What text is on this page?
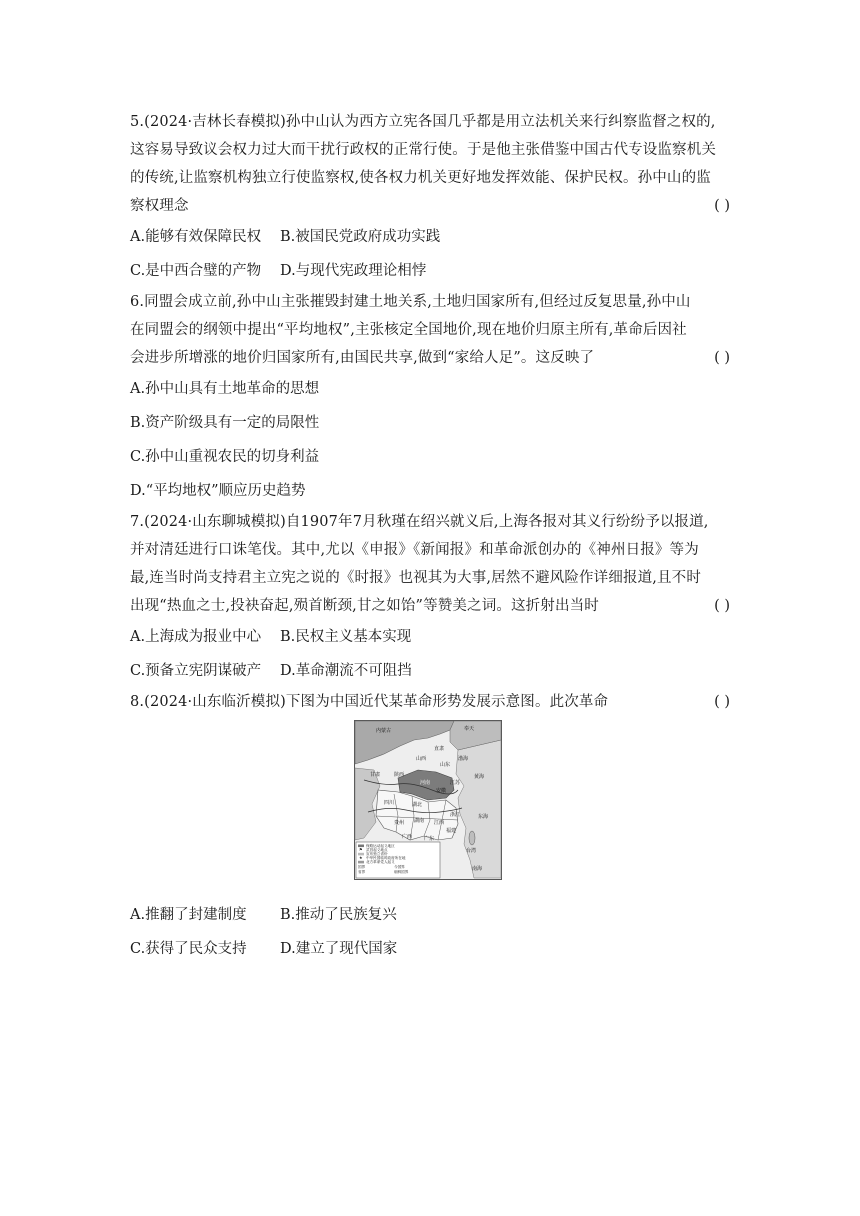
5.(2024·吉林长春模拟)孙中山认为西方立宪各国几乎都是用立法机关来行纠察监督之权的,
这容易导致议会权力过大而干扰行政权的正常行使。于是他主张借鉴中国古代专设监察机关
的传统,让监察机构独立行使监察权,使各权力机关更好地发挥效能、保护民权。孙中山的监
察权理念	( )
A.能够有效保障民权 B.被国民党政府成功实践
C.是中西合璧的产物 D.与现代宪政理论相悖
6.同盟会成立前,孙中山主张摧毁封建土地关系,土地归国家所有,但经过反复思量,孙中山
在同盟会的纲领中提出“平均地权”,主张核定全国地价,现在地价归原主所有,革命后因社
会进步所增涨的地价归国家所有,由国民共享,做到“家给人足”。这反映了	( )
A.孙中山具有土地革命的思想
B.资产阶级具有一定的局限性
C.孙中山重视农民的切身利益
D.“平均地权”顺应历史趋势
7.(2024·山东聊城模拟)自1907年7月秋瑾在绍兴就义后,上海各报对其义行纷纷予以报道,
并对清廷进行口诛笔伐。其中,尤以《申报》《新闻报》和革命派创办的《神州日报》等为
最,连当时尚支持君主立宪之说的《时报》也视其为大事,居然不避风险作详细报道,且不时
出现“热血之士,投袂奋起,殒首断颈,甘之如饴”等赞美之词。这折射出当时	( )
A.上海成为报业中心 B.民权主义基本实现
C.预备立宪阴谋破产 D.革命潮流不可阻挡
8.(2024·山东临沂模拟)下图为中国近代某革命形势发展示意图。此次革命	( )
保路运动起义地区
⚑ 武昌起义地点
宣布独立省份
★ 中华民国临时政府所在地
北方革命党人起义
国界	今国界
省界	朝鲜国界
内蒙古	奉天
直隶
山东
山西
陕西
河南
甘肃
四川	湖北
安徽
江苏
湖南 江西
浙江
贵州
广西
福建
广东
台湾
渤海
黄海
东海
南海
A.推翻了封建制度 B.推动了民族复兴
C.获得了民众支持 D.建立了现代国家
